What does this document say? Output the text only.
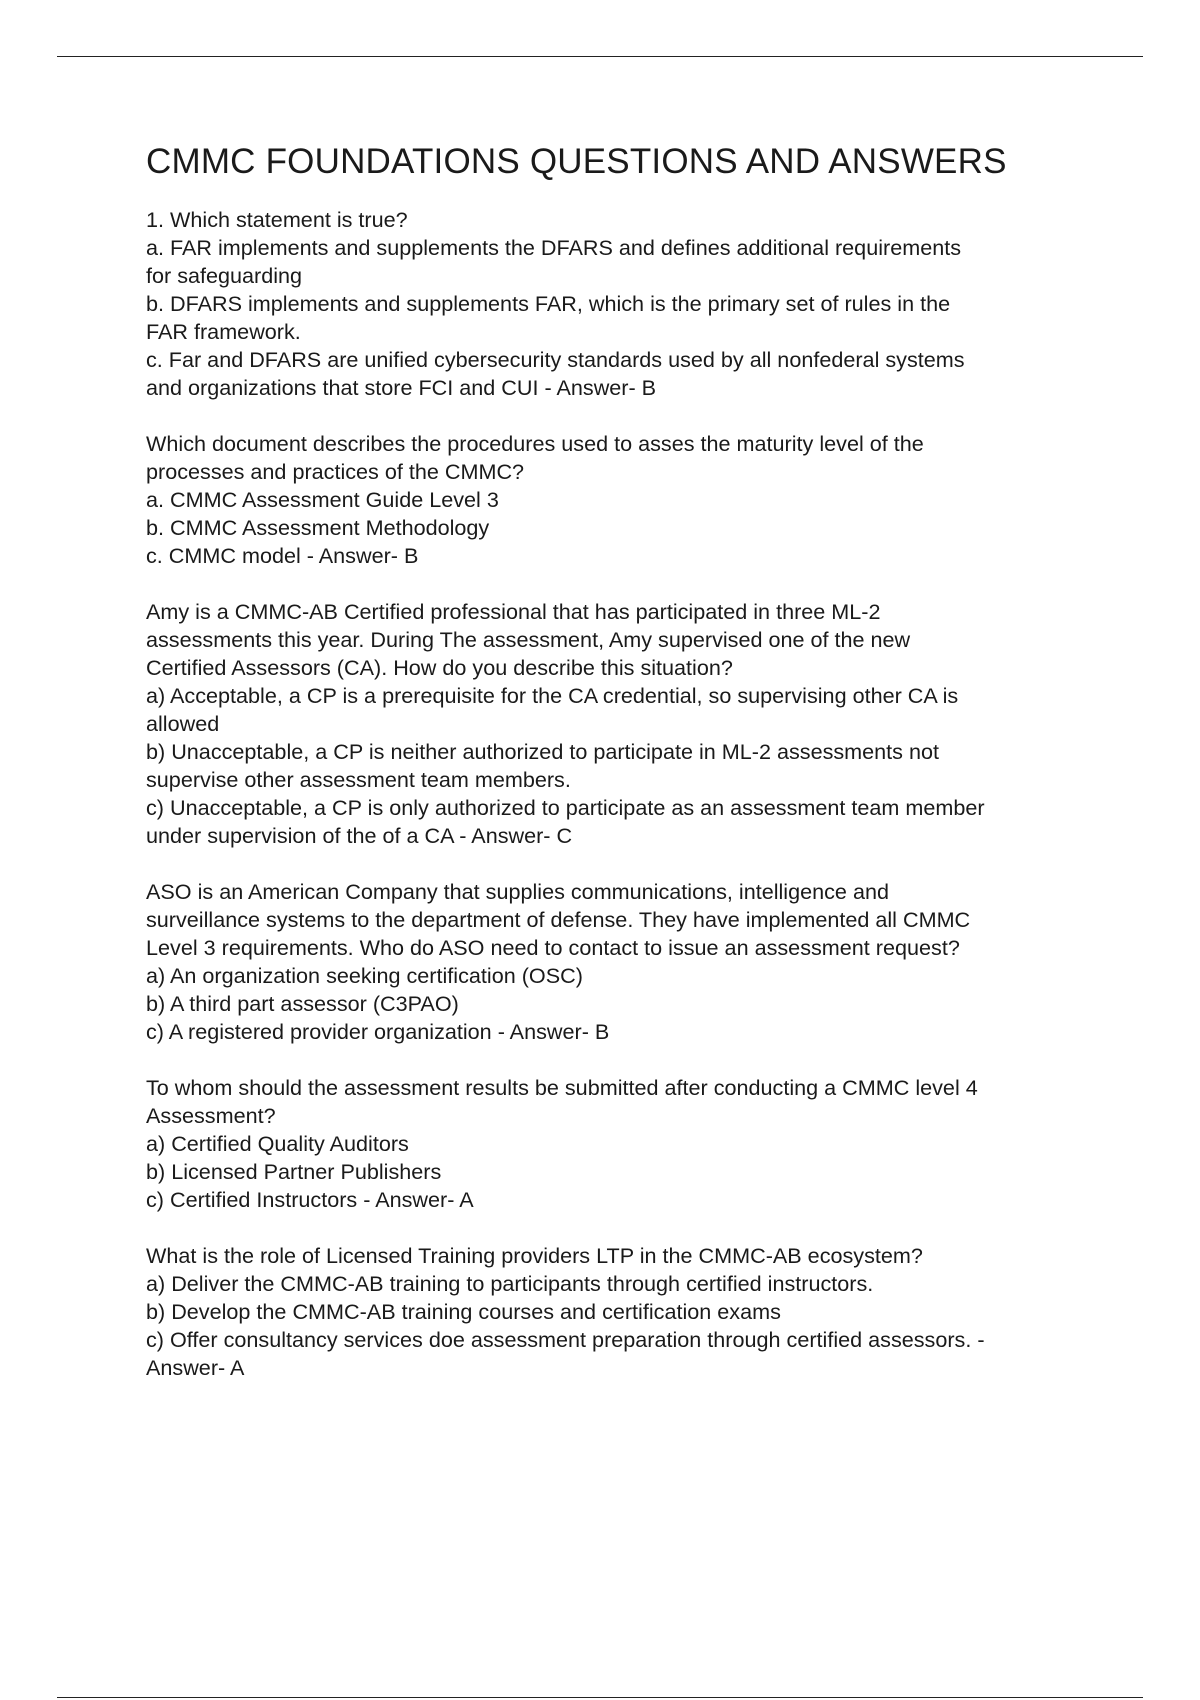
CMMC FOUNDATIONS QUESTIONS AND ANSWERS

1. Which statement is true?

a. FAR implements and supplements the DFARS and defines additional requirements

for safeguarding

b. DFARS implements and supplements FAR, which is the primary set of rules in the

FAR framework.

c. Far and DFARS are unified cybersecurity standards used by all nonfederal systems

and organizations that store FCI and CUI - Answer- B

Which document describes the procedures used to asses the maturity level of the

processes and practices of the CMMC?

a. CMMC Assessment Guide Level 3

b. CMMC Assessment Methodology

c. CMMC model - Answer- B

Amy is a CMMC-AB Certified professional that has participated in three ML-2

assessments this year. During The assessment, Amy supervised one of the new

Certified Assessors (CA). How do you describe this situation?

a) Acceptable, a CP is a prerequisite for the CA credential, so supervising other CA is

allowed

b) Unacceptable, a CP is neither authorized to participate in ML-2 assessments not

supervise other assessment team members.

c) Unacceptable, a CP is only authorized to participate as an assessment team member

under supervision of the of a CA - Answer- C

ASO is an American Company that supplies communications, intelligence and

surveillance systems to the department of defense. They have implemented all CMMC

Level 3 requirements. Who do ASO need to contact to issue an assessment request?

a) An organization seeking certification (OSC)

b) A third part assessor (C3PAO)

c) A registered provider organization - Answer- B

To whom should the assessment results be submitted after conducting a CMMC level 4

Assessment?

a) Certified Quality Auditors

b) Licensed Partner Publishers

c) Certified Instructors - Answer- A

What is the role of Licensed Training providers LTP in the CMMC-AB ecosystem?

a) Deliver the CMMC-AB training to participants through certified instructors.

b) Develop the CMMC-AB training courses and certification exams

c) Offer consultancy services doe assessment preparation through certified assessors. -

Answer- A
